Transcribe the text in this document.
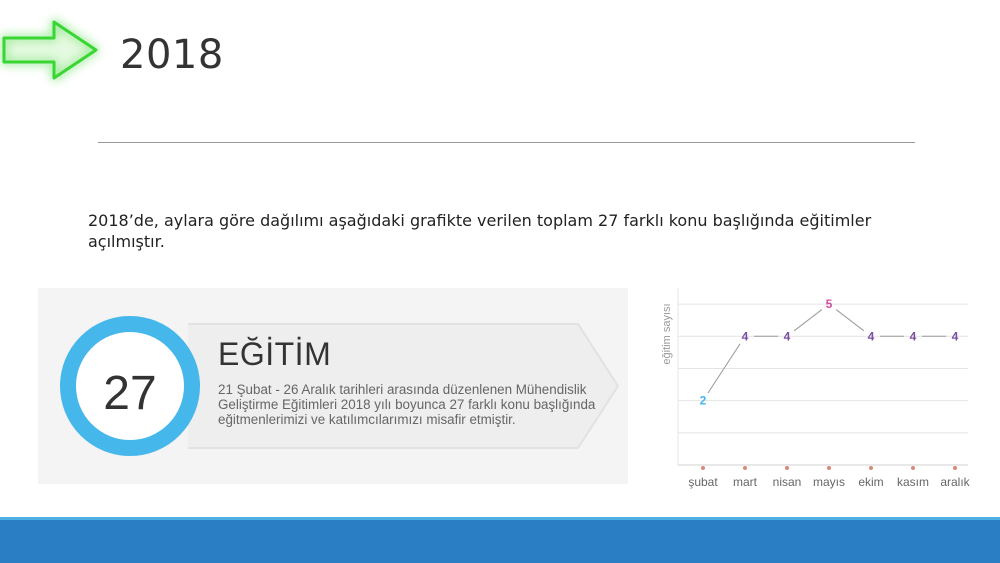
2018

2018’de, aylara göre dağılımı aşağıdaki grafikte verilen toplam 27 farklı konu başlığında eğitimler açılmıştır.

27
EĞİTİM
21 Şubat - 26 Aralık tarihleri arasında düzenlenen Mühendislik Geliştirme Eğitimleri 2018 yılı boyunca 27 farklı konu başlığında eğitmenlerimizi ve katılımcılarımızı misafir etmiştir.
2
4	4
5
4	4	4
şubat mart nisan mayıs ekim kasım aralık
eğitim sayısı
